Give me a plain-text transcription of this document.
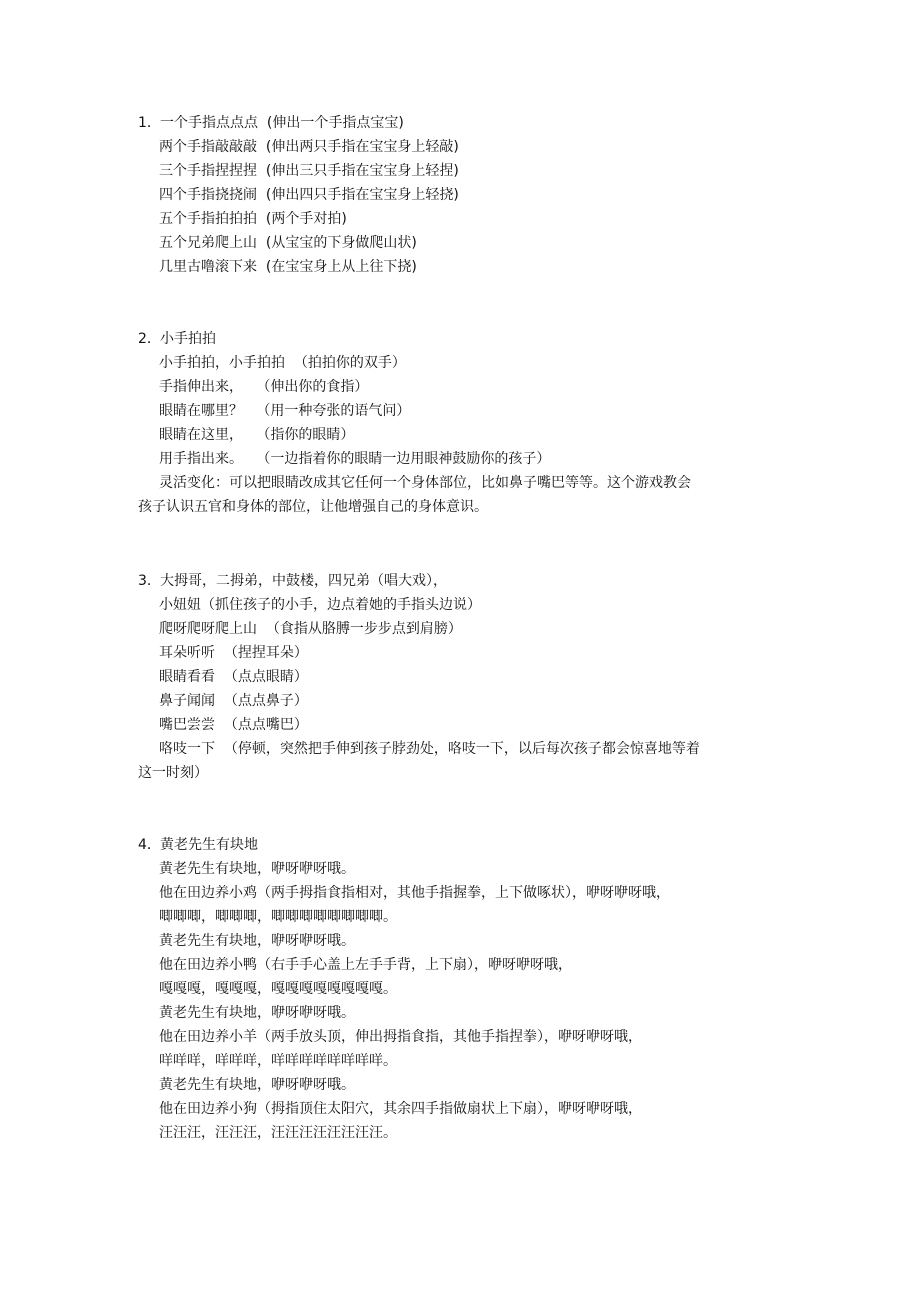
1．一个手指点点点  (伸出一个手指点宝宝)
两个手指敲敲敲  (伸出两只手指在宝宝身上轻敲)
三个手指捏捏捏  (伸出三只手指在宝宝身上轻捏)
四个手指挠挠闹  (伸出四只手指在宝宝身上轻挠)
五个手指拍拍拍  (两个手对拍)
五个兄弟爬上山  (从宝宝的下身做爬山状)
几里古噜滚下来  (在宝宝身上从上往下挠)
2．小手拍拍
小手拍拍，小手拍拍  （拍拍你的双手）
手指伸出来，   （伸出你的食指）
眼睛在哪里？   （用一种夸张的语气问）
眼睛在这里，   （指你的眼睛）
用手指出来。   （一边指着你的眼睛一边用眼神鼓励你的孩子）
灵活变化：可以把眼睛改成其它任何一个身体部位，比如鼻子嘴巴等等。这个游戏教会
孩子认识五官和身体的部位，让他增强自己的身体意识。
3．大拇哥，二拇弟，中鼓楼，四兄弟（唱大戏），
小妞妞（抓住孩子的小手，边点着她的手指头边说）
爬呀爬呀爬上山  （食指从胳膊一步步点到肩膀）
耳朵听听  （捏捏耳朵）
眼睛看看  （点点眼睛）
鼻子闻闻  （点点鼻子）
嘴巴尝尝  （点点嘴巴）
咯吱一下  （停顿，突然把手伸到孩子脖劲处，咯吱一下，以后每次孩子都会惊喜地等着
这一时刻）
4．黄老先生有块地
黄老先生有块地，咿呀咿呀哦。
他在田边养小鸡（两手拇指食指相对，其他手指握拳，上下做啄状），咿呀咿呀哦，
唧唧唧，唧唧唧，唧唧唧唧唧唧唧唧。
黄老先生有块地，咿呀咿呀哦。
他在田边养小鸭（右手手心盖上左手手背，上下扇），咿呀咿呀哦，
嘎嘎嘎，嘎嘎嘎，嘎嘎嘎嘎嘎嘎嘎嘎。
黄老先生有块地，咿呀咿呀哦。
他在田边养小羊（两手放头顶，伸出拇指食指，其他手指捏拳），咿呀咿呀哦，
咩咩咩，咩咩咩，咩咩咩咩咩咩咩咩。
黄老先生有块地，咿呀咿呀哦。
他在田边养小狗（拇指顶住太阳穴，其余四手指做扇状上下扇），咿呀咿呀哦，
汪汪汪，汪汪汪，汪汪汪汪汪汪汪汪。
